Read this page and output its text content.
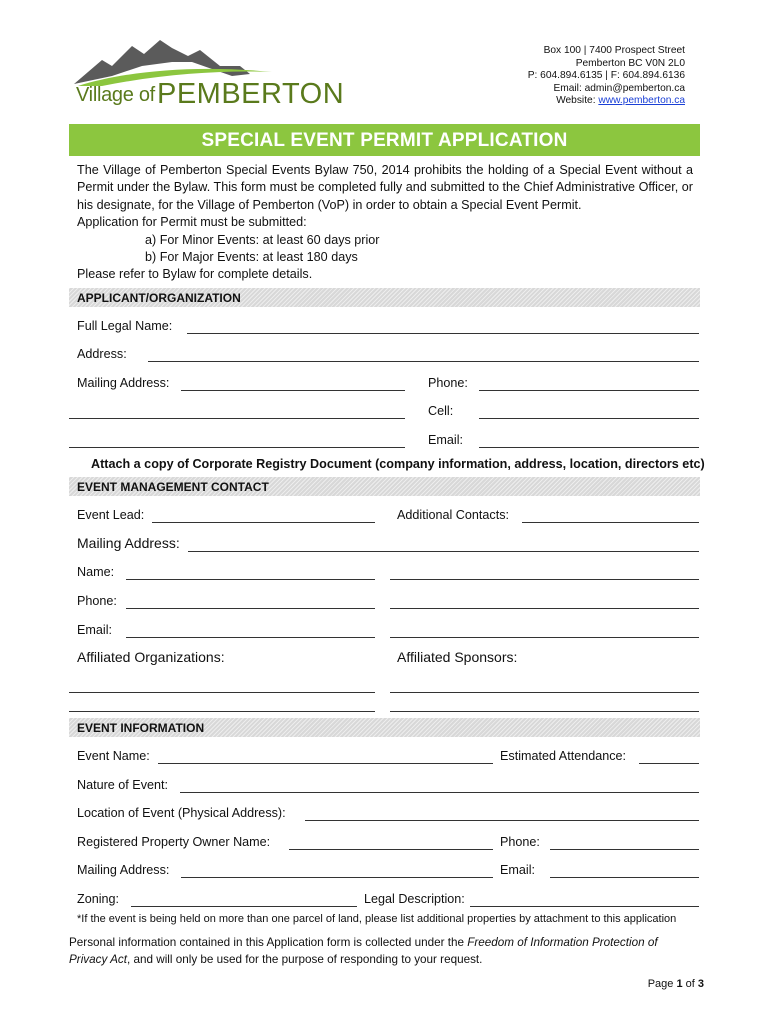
Village of PEMBERTON
Box 100 | 7400 Prospect Street
Pemberton BC V0N 2L0
P: 604.894.6135 | F: 604.894.6136
Email: admin@pemberton.ca
Website: www.pemberton.ca
SPECIAL EVENT PERMIT APPLICATION

The Village of Pemberton Special Events Bylaw 750, 2014 prohibits the holding of a Special Event without a Permit under the Bylaw. This form must be completed fully and submitted to the Chief Administrative Officer, or his designate, for the Village of Pemberton (VoP) in order to obtain a Special Event Permit.

Application for Permit must be submitted:

a) For Minor Events: at least 60 days prior

b) For Major Events: at least 180 days

Please refer to Bylaw for complete details.

APPLICANT/ORGANIZATION
Full Legal Name:
Address:
Mailing Address:	Phone:
Cell:
Email:
Attach a copy of Corporate Registry Document (company information, address, location, directors etc)
EVENT MANAGEMENT CONTACT
Event Lead:	Additional Contacts:
Mailing Address:
Name:
Phone:
Email:
Affiliated Organizations:	Affiliated Sponsors:
EVENT INFORMATION
Event Name:	Estimated Attendance:
Nature of Event:
Location of Event (Physical Address):
Registered Property Owner Name:	Phone:
Mailing Address:	Email:
Zoning:	Legal Description:
*If the event is being held on more than one parcel of land, please list additional properties by attachment to this application
Personal information contained in this Application form is collected under the Freedom of Information Protection of Privacy Act, and will only be used for the purpose of responding to your request.
Page 1 of 3
